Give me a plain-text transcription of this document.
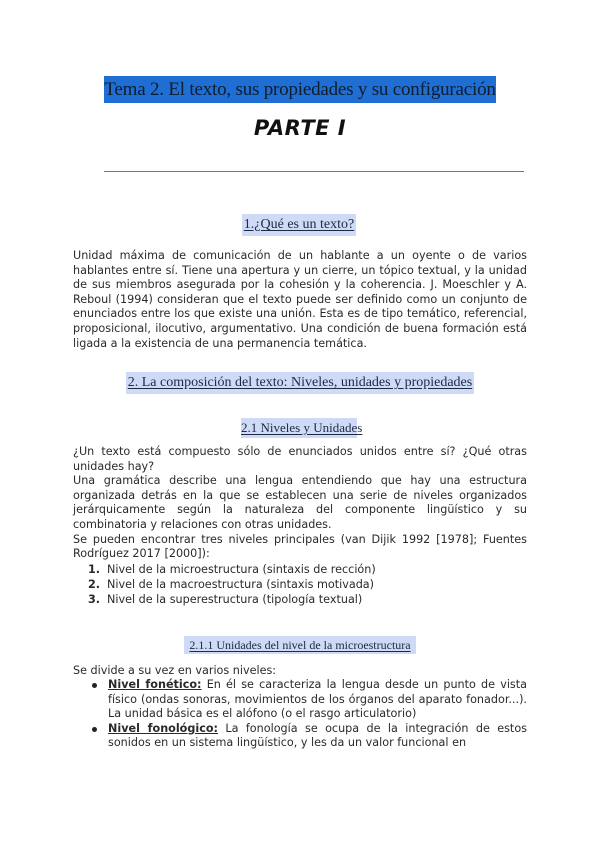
Tema 2. El texto, sus propiedades y su configuración
PARTE I
1.¿Qué es un texto?
Unidad máxima de comunicación de un hablante a un oyente o de varios hablantes entre sí. Tiene una apertura y un cierre, un tópico textual, y la unidad de sus miembros asegurada por la cohesión y la coherencia. J. Moeschler y A. Reboul (1994) consideran que el texto puede ser definido como un conjunto de enunciados entre los que existe una unión. Esta es de tipo temático, referencial, proposicional, ilocutivo, argumentativo. Una condición de buena formación está ligada a la existencia de una permanencia temática.
2. La composición del texto: Niveles, unidades y propiedades
2.1 Niveles y Unidades
¿Un texto está compuesto sólo de enunciados unidos entre sí? ¿Qué otras unidades hay?
Una gramática describe una lengua entendiendo que hay una estructura organizada detrás en la que se establecen una serie de niveles organizados jerárquicamente según la naturaleza del componente lingüístico y su combinatoria y relaciones con otras unidades.
Se pueden encontrar tres niveles principales (van Dijik 1992 [1978]; Fuentes Rodríguez 2017 [2000]):
1. Nivel de la microestructura (sintaxis de rección)
2. Nivel de la macroestructura (sintaxis motivada)
3. Nivel de la superestructura (tipología textual)
2.1.1 Unidades del nivel de la microestructura
Se divide a su vez en varios niveles:
Nivel fonético: En él se caracteriza la lengua desde un punto de vista físico (ondas sonoras, movimientos de los órganos del aparato fonador...). La unidad básica es el alófono (o el rasgo articulatorio)
Nivel fonológico: La fonología se ocupa de la integración de estos sonidos en un sistema lingüístico, y les da un valor funcional en
